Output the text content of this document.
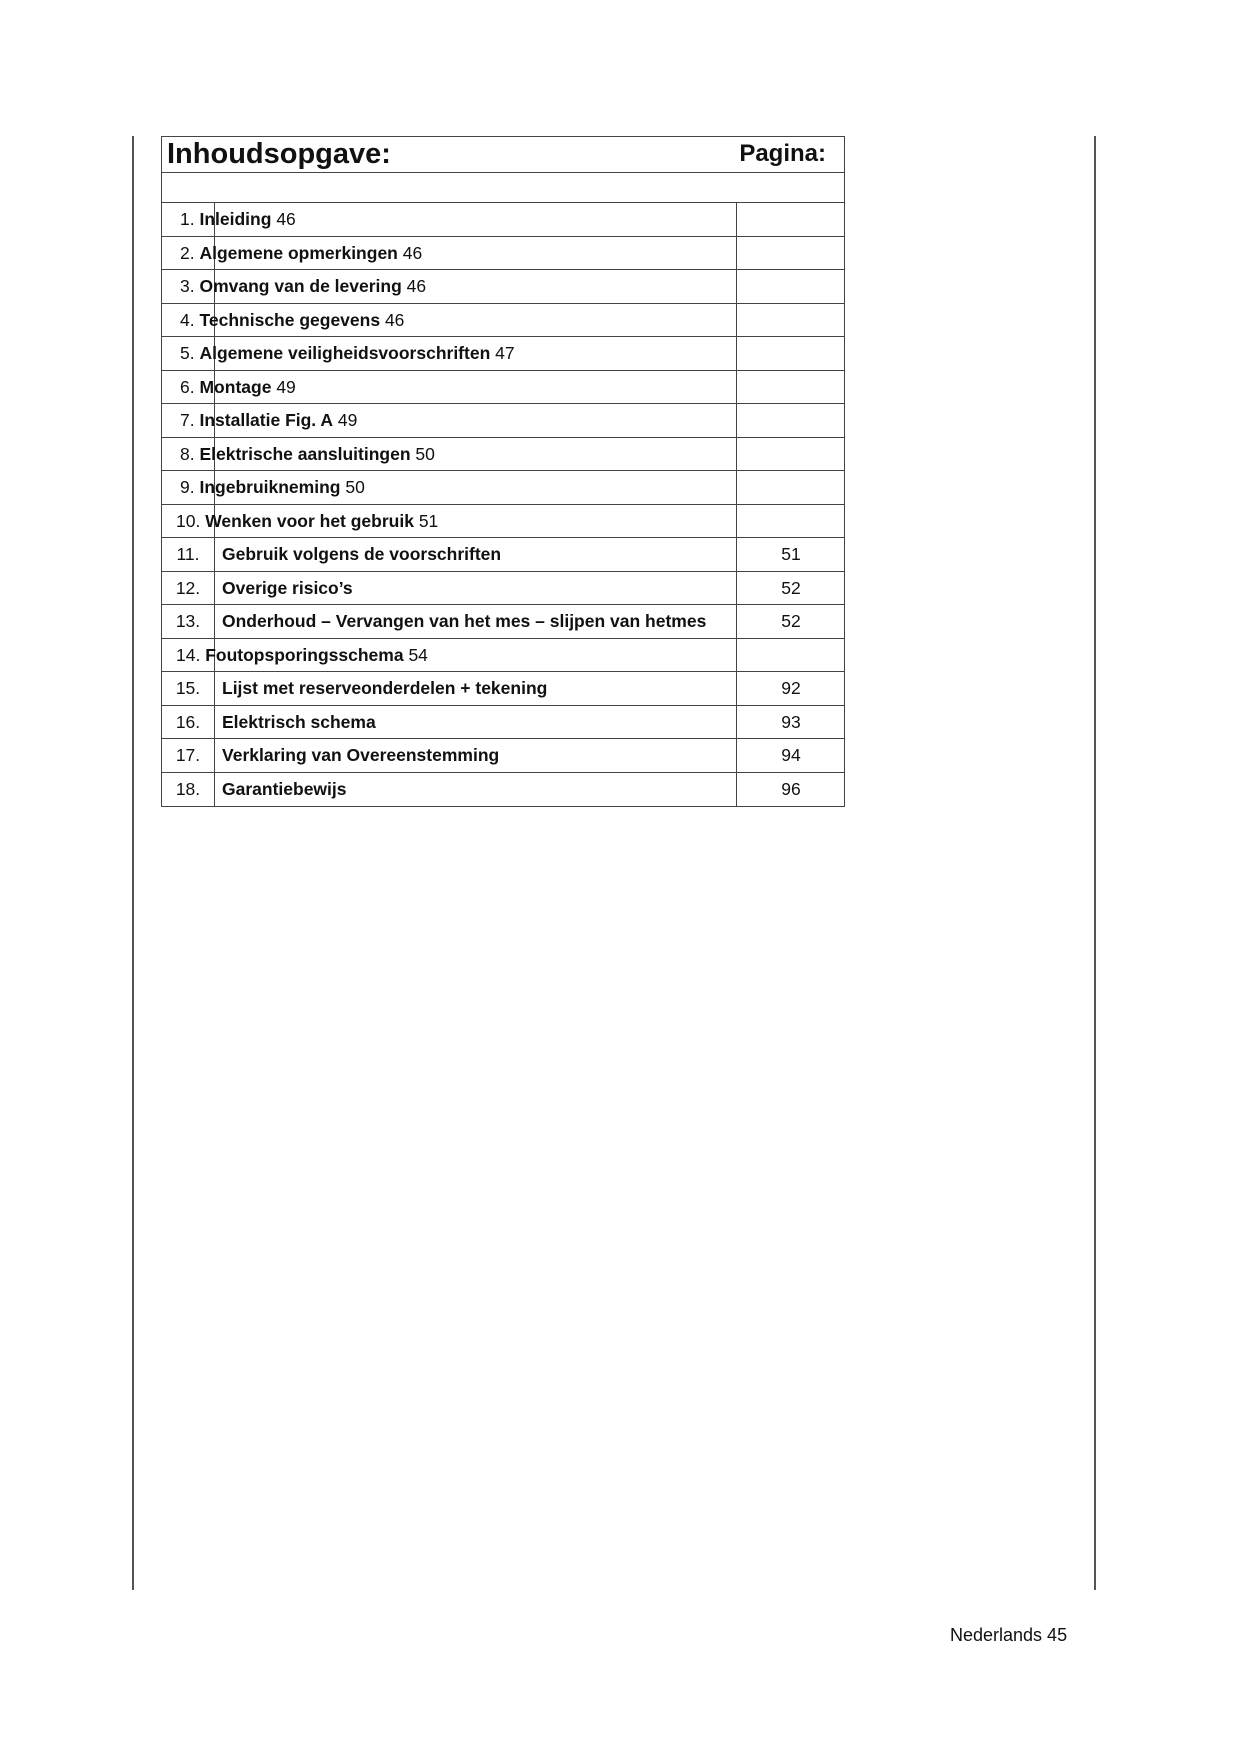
Inhoudsopgave:	Pagina:
1. Inleiding 46
2. Algemene opmerkingen 46
3. Omvang van de levering 46
4. Technische gegevens 46
5. Algemene veiligheidsvoorschriften 47
6. Montage 49
7. Installatie Fig. A 49
8. Elektrische aansluitingen 50
9. Ingebruikneming 50
10. Wenken voor het gebruik 51
11.	Gebruik volgens de voorschriften	51
12.	Overige risico’s	52
13.	Onderhoud – Vervangen van het mes – slijpen van hetmes	52
14. Foutopsporingsschema 54
15.	Lijst met reserveonderdelen + tekening	92
16.	Elektrisch schema	93
17.	Verklaring van Overeenstemming	94
18.	Garantiebewijs	96
Nederlands 45
